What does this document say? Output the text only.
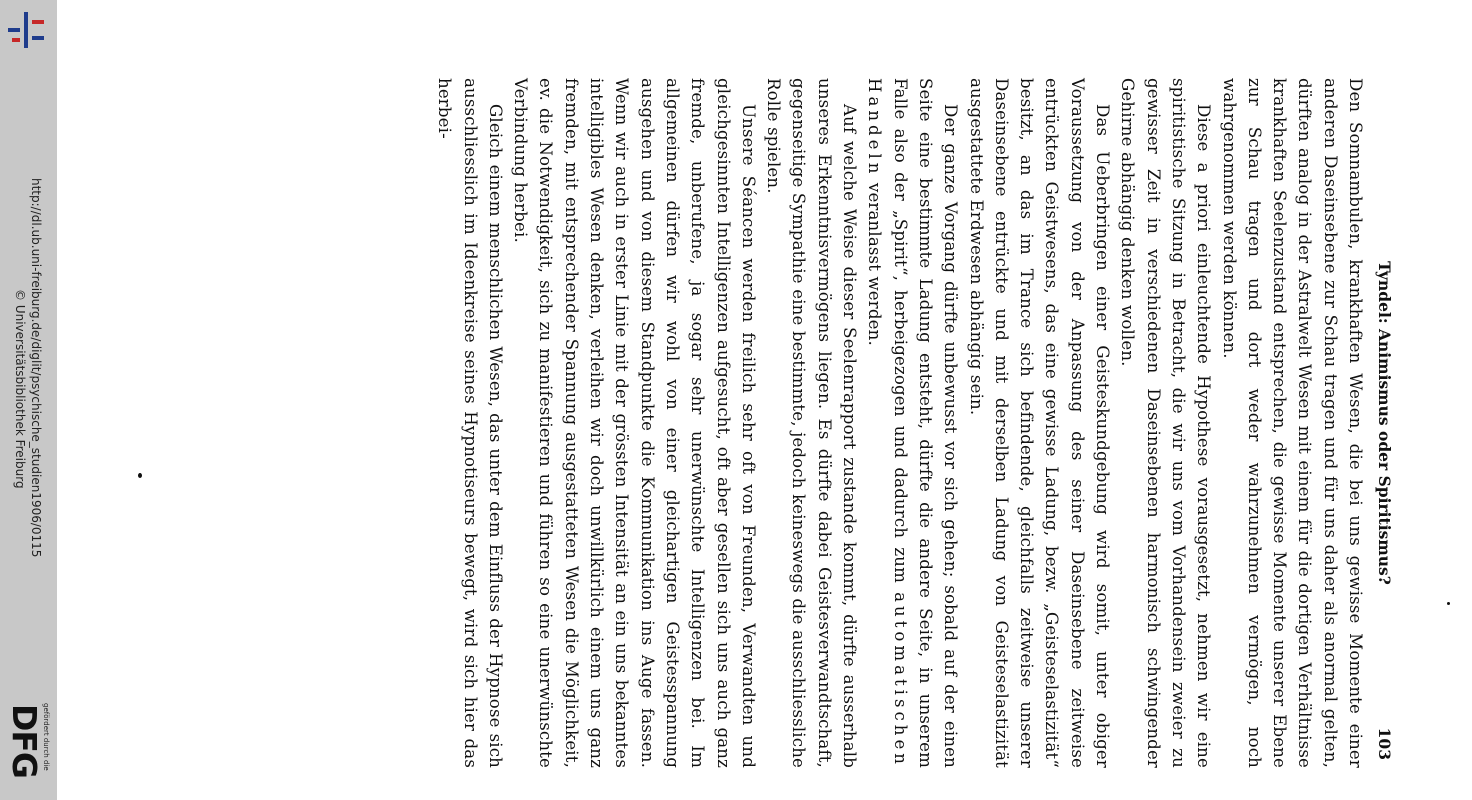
http://dl.ub.uni-freiburg.de/diglit/psychische_studien1906/0115
© Universitätsbibliothek Freiburg
gefördert durch die
DFG
Tyndel: Animismus oder Spiritismus?
103

Den Somnambulen, krankhaften Wesen, die bei uns gewisse Momente einer anderen Daseinsebene zur Schau tragen und für uns daher als anormal gelten, dürften analog in der Astralwelt Wesen mit einem für die dortigen Verhältnisse krankhaften Seelenzustand entsprechen, die gewisse Momente unserer Ebene zur Schau tragen und dort weder wahrzunehmen vermögen, noch wahrgenommen werden können.

Diese a priori einleuchtende Hypothese vorausgesetzt, nehmen wir eine spiritistische Sitzung in Betracht, die wir uns vom Vorhandensein zweier zu gewisser Zeit in verschiedenen Daseinsebenen harmonisch schwingender Gehirne abhängig denken wollen.

Das Ueberbringen einer Geisteskundgebung wird somit, unter obiger Voraussetzung von der Anpassung des seiner Daseinsebene zeitweise entrückten Geistwesens, das eine gewisse Ladung, bezw. „Geisteselastizität“ besitzt, an das im Trance sich befindende, gleichfalls zeitweise unserer Daseinsebene entrückte und mit derselben Ladung von Geisteselastizität ausgestattete Erdwesen abhängig sein.

Der ganze Vorgang dürfte unbewusst vor sich gehen; sobald auf der einen Seite eine bestimmte Ladung entsteht, dürfte die andere Seite, in unserem Falle also der „Spirit“, herbeigezogen und dadurch zum automatischen Handeln veranlasst werden.

Auf welche Weise dieser Seelenrapport zustande kommt, dürfte ausserhalb unseres Erkenntnisvermögens liegen. Es dürfte dabei Geistesverwandtschaft, gegenseitige Sympathie eine bestimmte, jedoch keineswegs die ausschliessliche Rolle spielen.

Unsere Séancen werden freilich sehr oft von Freunden, Verwandten und gleichgesinnten Intelligenzen aufgesucht, oft aber gesellen sich uns auch ganz fremde, unberufene, ja sogar sehr unerwünschte Intelligenzen bei. Im allgemeinen dürfen wir wohl von einer gleichartigen Geistesspannung ausgehen und von diesem Standpunkte die Kommunikation ins Auge fassen. Wenn wir auch in erster Linie mit der grössten Intensität an ein uns bekanntes intelligibles Wesen denken, verleihen wir doch unwillkürlich einem uns ganz fremden, mit entsprechender Spannung ausgestatteten Wesen die Möglichkeit, ev. die Notwendigkeit, sich zu manifestieren und führen so eine unerwünschte Verbindung herbei.

Gleich einem menschlichen Wesen, das unter dem Einfluss der Hypnose sich ausschliesslich im Ideenkreise seines Hypnotiseurs bewegt, wird sich hier das herbei-
